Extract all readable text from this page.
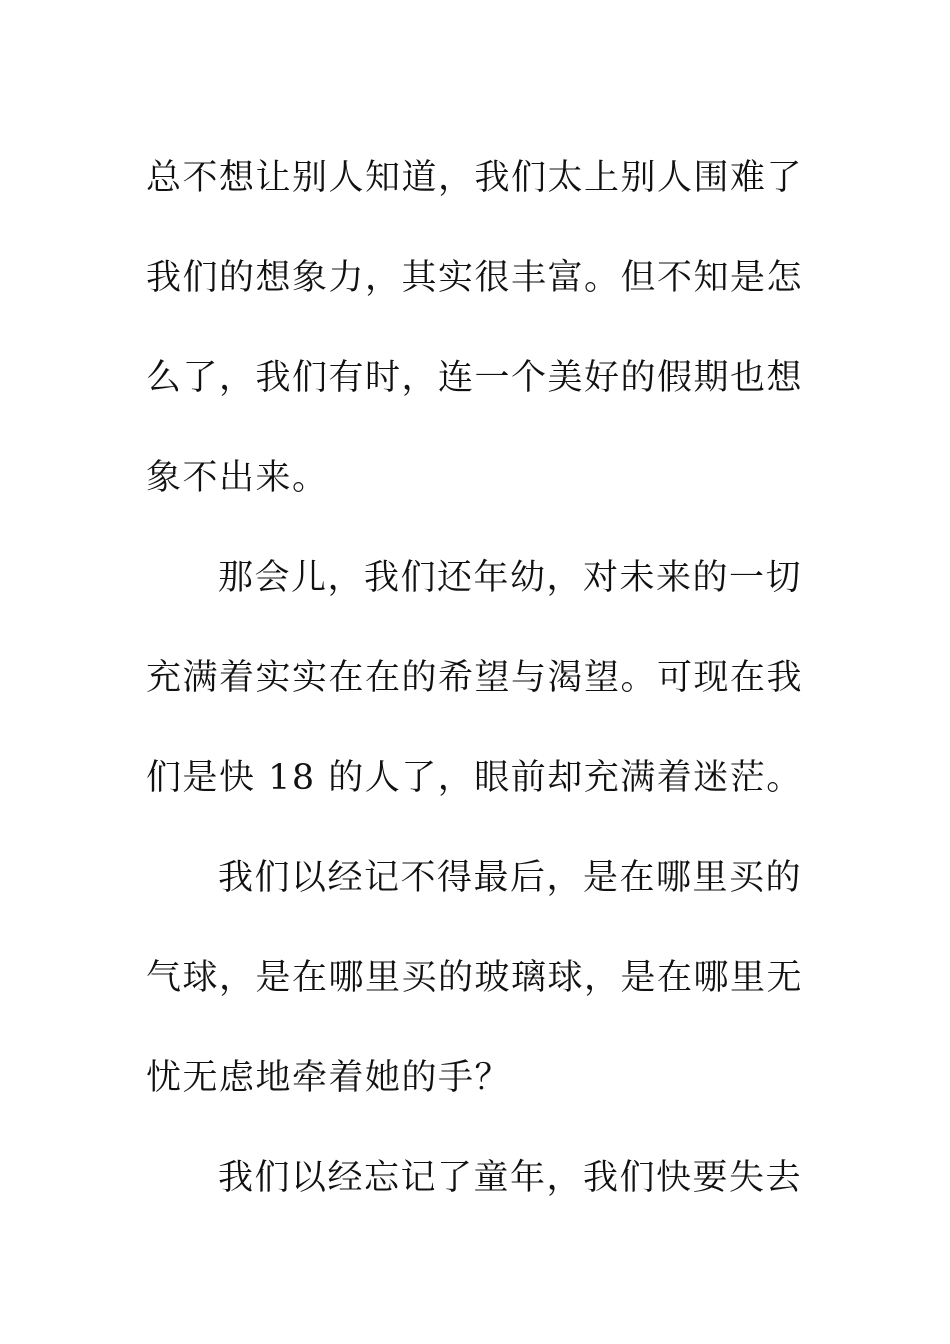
总不想让别人知道，我们太上别人围难了
我们的想象力，其实很丰富。但不知是怎
么了，我们有时，连一个美好的假期也想
象不出来。
那会儿，我们还年幼，对未来的一切
充满着实实在在的希望与渴望。可现在我
们是快 18 的人了，眼前却充满着迷茫。
我们以经记不得最后，是在哪里买的
气球，是在哪里买的玻璃球，是在哪里无
忧无虑地牵着她的手？
我们以经忘记了童年，我们快要失去
